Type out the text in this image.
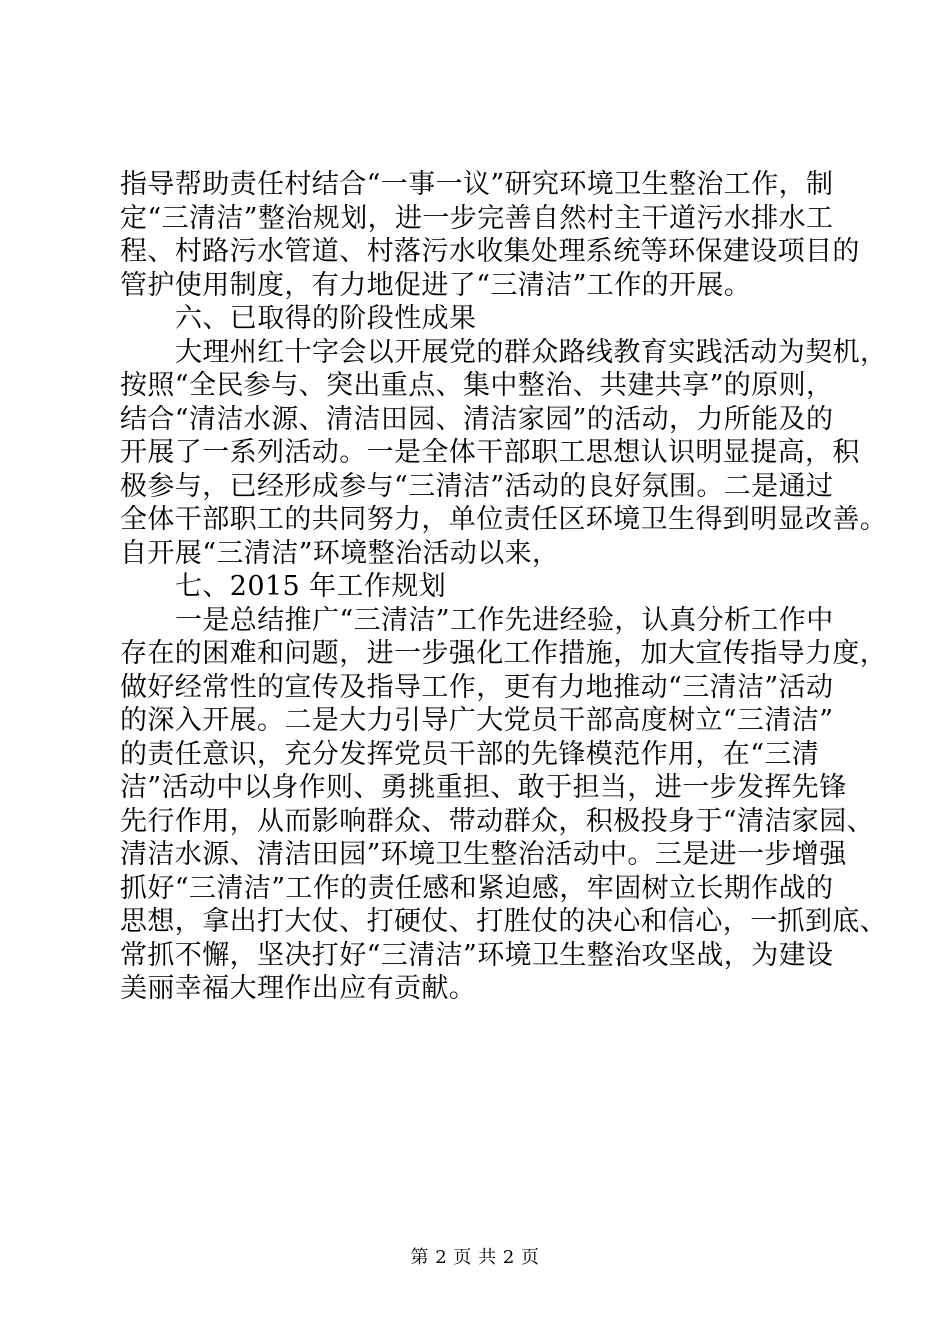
指导帮助责任村结合“一事一议”研究环境卫生整治工作，制
定“三清洁”整治规划，进一步完善自然村主干道污水排水工
程、村路污水管道、村落污水收集处理系统等环保建设项目的
管护使用制度，有力地促进了“三清洁”工作的开展。
六、已取得的阶段性成果
大理州红十字会以开展党的群众路线教育实践活动为契机，
按照“全民参与、突出重点、集中整治、共建共享”的原则，
结合“清洁水源、清洁田园、清洁家园”的活动，力所能及的
开展了一系列活动。一是全体干部职工思想认识明显提高，积
极参与，已经形成参与“三清洁”活动的良好氛围。二是通过
全体干部职工的共同努力，单位责任区环境卫生得到明显改善。
自开展“三清洁”环境整治活动以来，
七、2015 年工作规划
一是总结推广“三清洁”工作先进经验，认真分析工作中
存在的困难和问题，进一步强化工作措施，加大宣传指导力度，
做好经常性的宣传及指导工作，更有力地推动“三清洁”活动
的深入开展。二是大力引导广大党员干部高度树立“三清洁”
的责任意识，充分发挥党员干部的先锋模范作用，在“三清
洁”活动中以身作则、勇挑重担、敢于担当，进一步发挥先锋
先行作用，从而影响群众、带动群众，积极投身于“清洁家园、
清洁水源、清洁田园”环境卫生整治活动中。三是进一步增强
抓好“三清洁”工作的责任感和紧迫感，牢固树立长期作战的
思想，拿出打大仗、打硬仗、打胜仗的决心和信心，一抓到底、
常抓不懈，坚决打好“三清洁”环境卫生整治攻坚战，为建设
美丽幸福大理作出应有贡献。
第 2 页 共 2 页
